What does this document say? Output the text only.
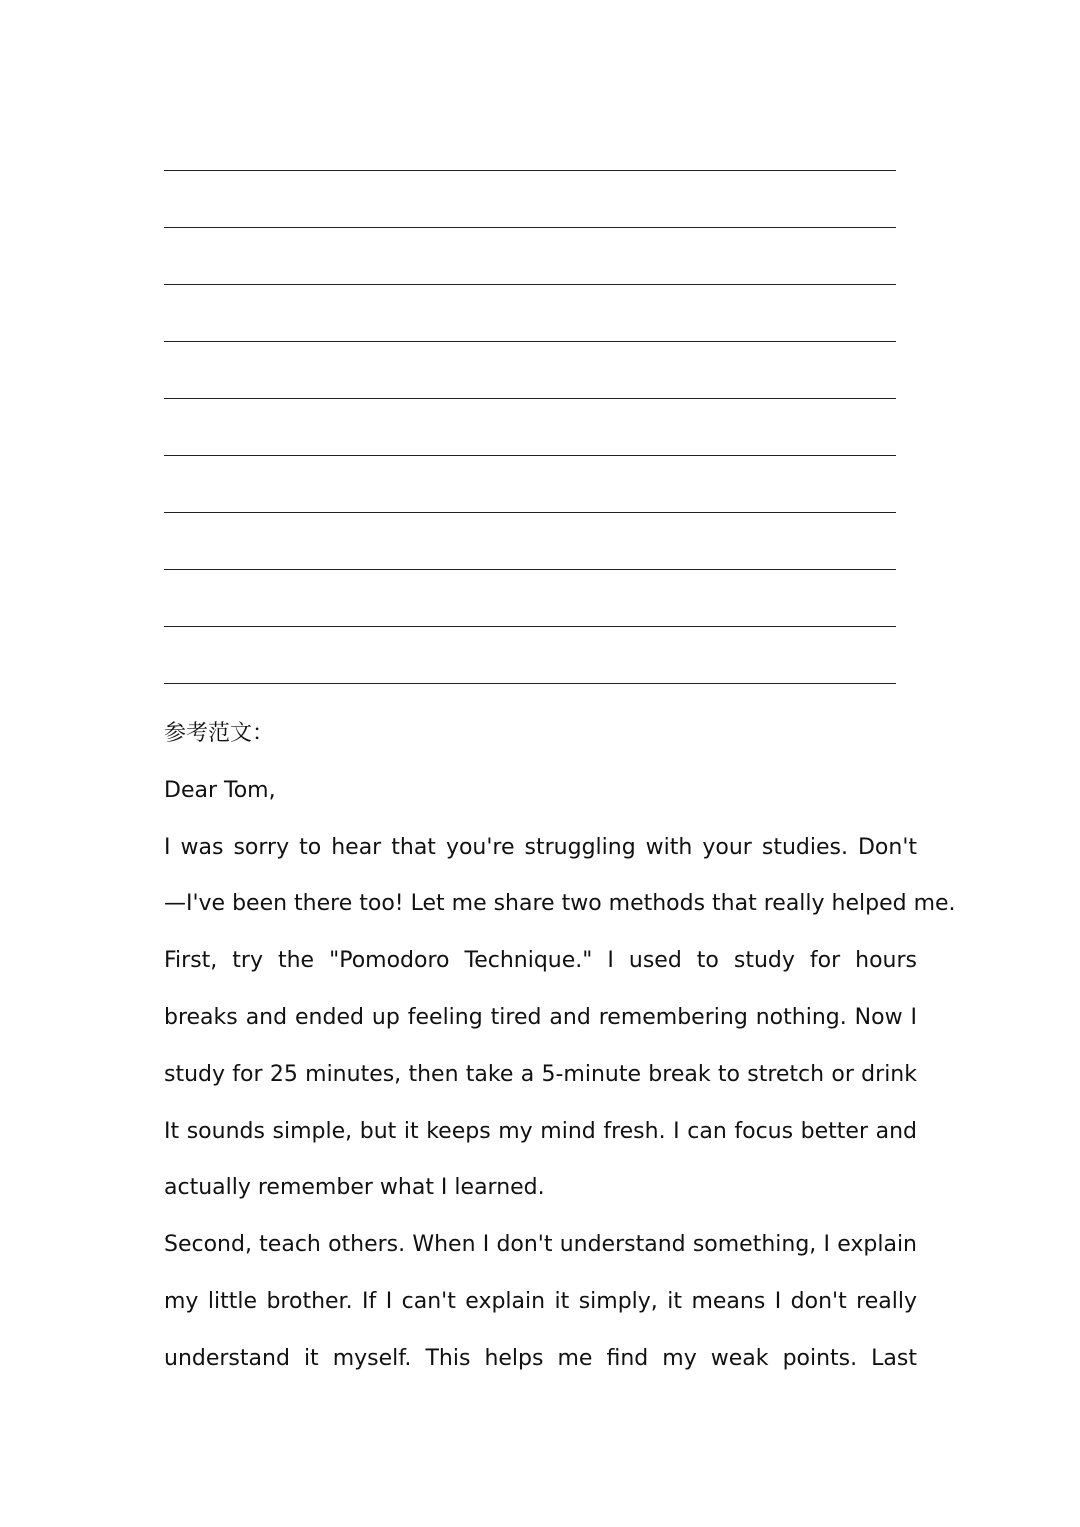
参考范文：
Dear Tom,
I was sorry to hear that you're struggling with your studies. Don't
—I've been there too! Let me share two methods that really helped me.
First, try the "Pomodoro Technique." I used to study for hours
breaks and ended up feeling tired and remembering nothing. Now I
study for 25 minutes, then take a 5-minute break to stretch or drink
It sounds simple, but it keeps my mind fresh. I can focus better and
actually remember what I learned.
Second, teach others. When I don't understand something, I explain
my little brother. If I can't explain it simply, it means I don't really
understand it myself. This helps me find my weak points. Last
